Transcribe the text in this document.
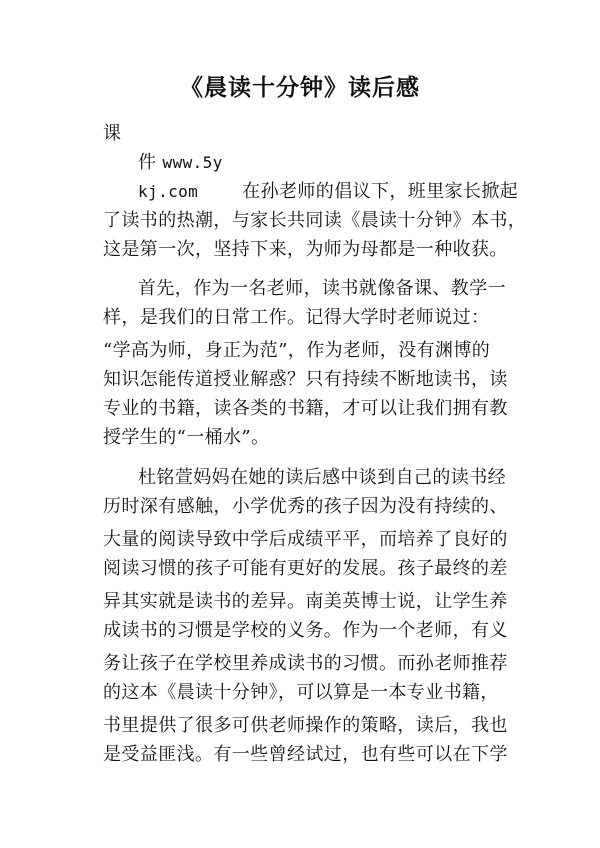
《晨读十分钟》读后感
课
件 www.5y
kj.com 在孙老师的倡议下，班里家长掀起
了读书的热潮，与家长共同读《晨读十分钟》本书，
这是第一次，坚持下来，为师为母都是一种收获。
首先，作为一名老师，读书就像备课、教学一
样，是我们的日常工作。记得大学时老师说过：
“学高为师，身正为范”，作为老师，没有渊博的
知识怎能传道授业解惑？只有持续不断地读书，读
专业的书籍，读各类的书籍，才可以让我们拥有教
授学生的“一桶水”。
杜铭萱妈妈在她的读后感中谈到自己的读书经
历时深有感触，小学优秀的孩子因为没有持续的、
大量的阅读导致中学后成绩平平，而培养了良好的
阅读习惯的孩子可能有更好的发展。孩子最终的差
异其实就是读书的差异。南美英博士说，让学生养
成读书的习惯是学校的义务。作为一个老师，有义
务让孩子在学校里养成读书的习惯。而孙老师推荐
的这本《晨读十分钟》，可以算是一本专业书籍，
书里提供了很多可供老师操作的策略，读后，我也
是受益匪浅。有一些曾经试过，也有些可以在下学
